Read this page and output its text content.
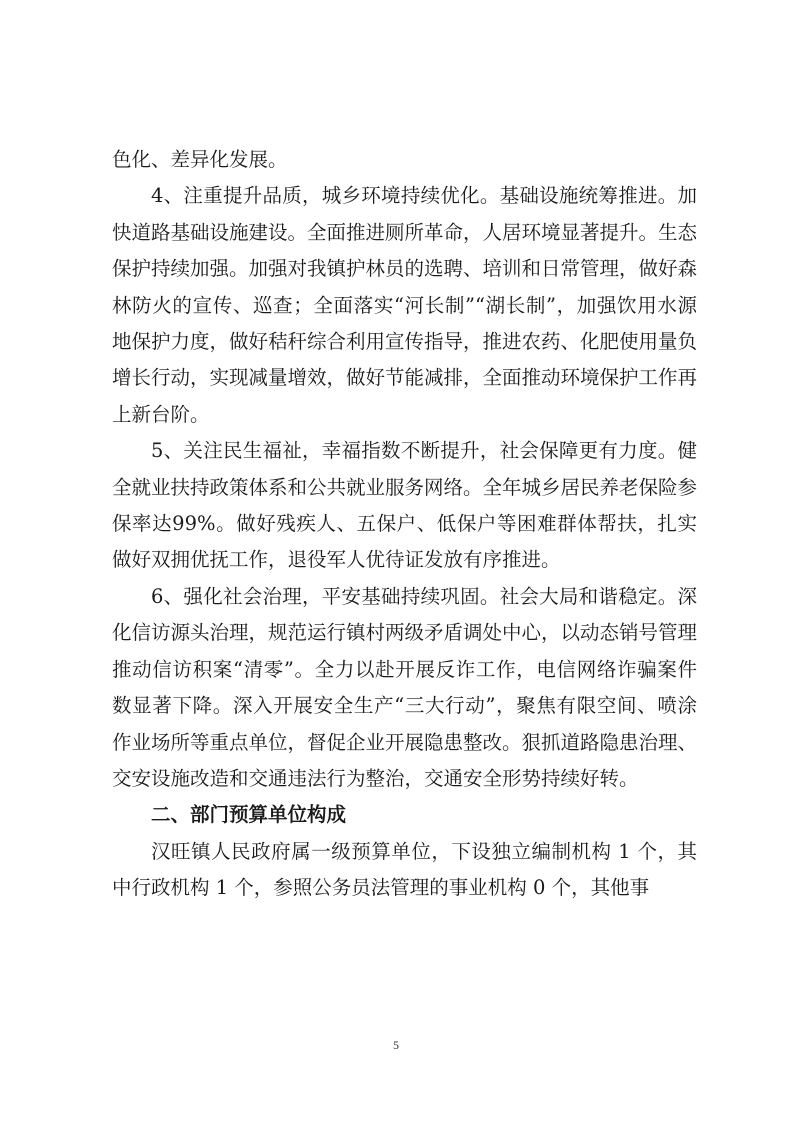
色化、差异化发展。

4、注重提升品质，城乡环境持续优化。基础设施统筹推进。加快道路基础设施建设。全面推进厕所革命，人居环境显著提升。生态保护持续加强。加强对我镇护林员的选聘、培训和日常管理，做好森林防火的宣传、巡查；全面落实“河长制”“湖长制”，加强饮用水源地保护力度，做好秸秆综合利用宣传指导，推进农药、化肥使用量负增长行动，实现减量增效，做好节能减排，全面推动环境保护工作再上新台阶。

5、关注民生福祉，幸福指数不断提升，社会保障更有力度。健全就业扶持政策体系和公共就业服务网络。全年城乡居民养老保险参保率达99%。做好残疾人、五保户、低保户等困难群体帮扶，扎实做好双拥优抚工作，退役军人优待证发放有序推进。

6、强化社会治理，平安基础持续巩固。社会大局和谐稳定。深化信访源头治理，规范运行镇村两级矛盾调处中心，以动态销号管理推动信访积案“清零”。全力以赴开展反诈工作，电信网络诈骗案件数显著下降。深入开展安全生产“三大行动”，聚焦有限空间、喷涂作业场所等重点单位，督促企业开展隐患整改。狠抓道路隐患治理、交安设施改造和交通违法行为整治，交通安全形势持续好转。

二、部门预算单位构成

汉旺镇人民政府属一级预算单位，下设独立编制机构 1 个，其中行政机构 1 个，参照公务员法管理的事业机构 0 个，其他事

5
